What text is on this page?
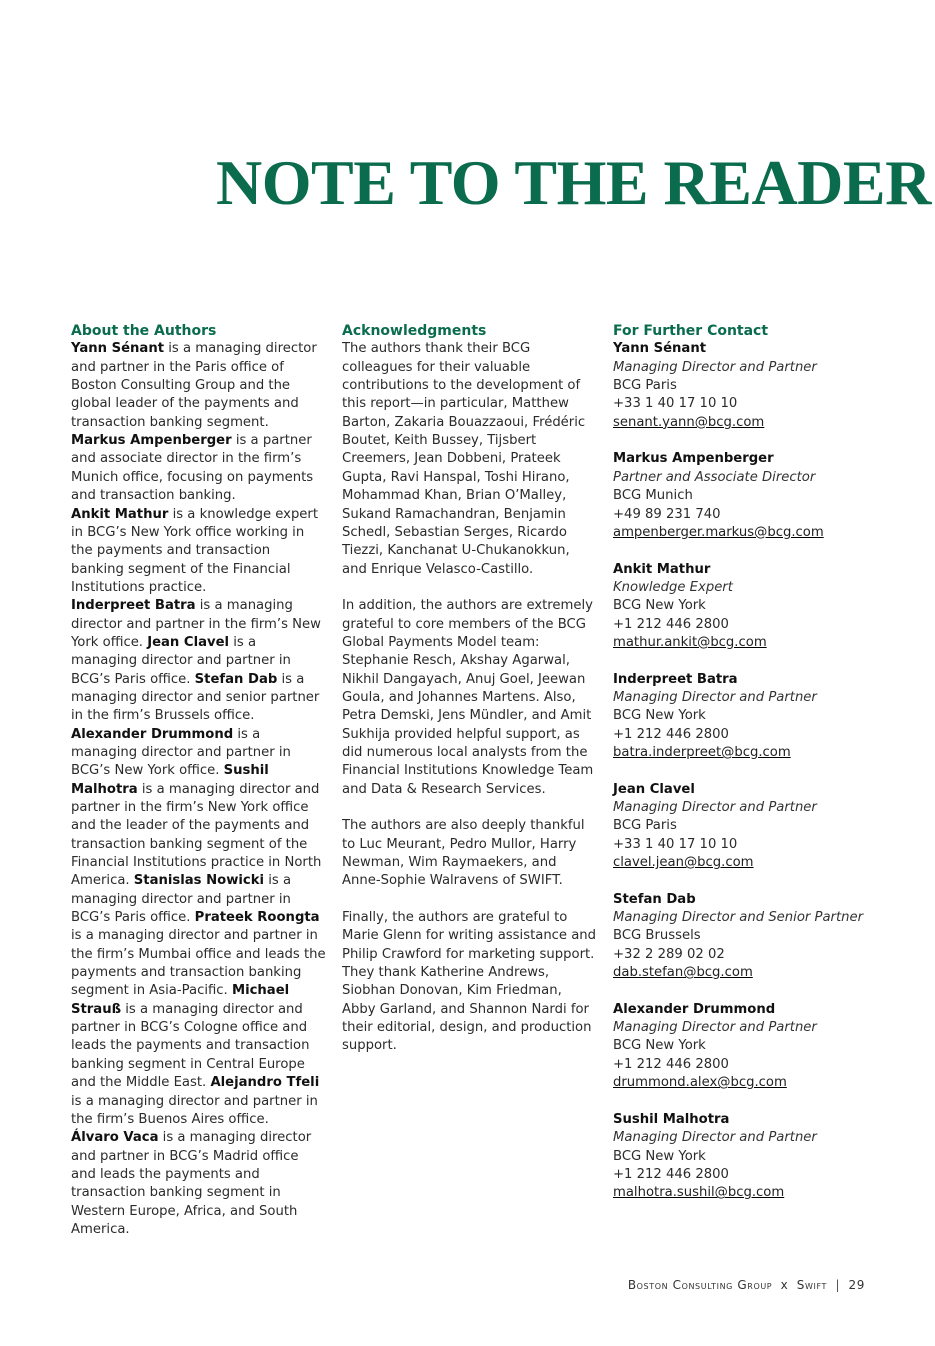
NOTE TO THE READER
About the Authors
Yann Sénant is a managing director and partner in the Paris office of Boston Consulting Group and the global leader of the payments and transaction banking segment.
Markus Ampenberger is a partner and associate director in the firm’s Munich office, focusing on payments and transaction banking.
Ankit Mathur is a knowledge expert in BCG’s New York office working in the payments and transaction banking segment of the Financial Institutions practice.
Inderpreet Batra is a managing director and partner in the firm’s New York office. Jean Clavel is a managing director and partner in BCG’s Paris office. Stefan Dab is a managing director and senior partner in the firm’s Brussels office.
Alexander Drummond is a managing director and partner in BCG’s New York office. Sushil Malhotra is a managing director and partner in the firm’s New York office and the leader of the payments and transaction banking segment of the Financial Institutions practice in North America. Stanislas Nowicki is a managing director and partner in BCG’s Paris office. Prateek Roongta is a managing director and partner in the firm’s Mumbai office and leads the payments and transaction banking segment in Asia-Pacific. Michael Strauß is a managing director and partner in BCG’s Cologne office and leads the payments and transaction banking segment in Central Europe and the Middle East. Alejandro Tfeli is a managing director and partner in the firm’s Buenos Aires office.
Álvaro Vaca is a managing director and partner in BCG’s Madrid office and leads the payments and transaction banking segment in Western Europe, Africa, and South America.
Acknowledgments

The authors thank their BCG colleagues for their valuable contributions to the development of this report—in particular, Matthew Barton, Zakaria Bouazzaoui, Frédéric Boutet, Keith Bussey, Tijsbert Creemers, Jean Dobbeni, Prateek Gupta, Ravi Hanspal, Toshi Hirano, Mohammad Khan, Brian O’Malley, Sukand Ramachandran, Benjamin Schedl, Sebastian Serges, Ricardo Tiezzi, Kanchanat U-Chukanokkun, and Enrique Velasco-Castillo.

In addition, the authors are extremely grateful to core members of the BCG Global Payments Model team: Stephanie Resch, Akshay Agarwal, Nikhil Dangayach, Anuj Goel, Jeewan Goula, and Johannes Martens. Also, Petra Demski, Jens Mündler, and Amit Sukhija provided helpful support, as did numerous local analysts from the Financial Institutions Knowledge Team and Data & Research Services.

The authors are also deeply thankful to Luc Meurant, Pedro Mullor, Harry Newman, Wim Raymaekers, and Anne-Sophie Walravens of SWIFT.

Finally, the authors are grateful to Marie Glenn for writing assistance and Philip Crawford for marketing support. They thank Katherine Andrews, Siobhan Donovan, Kim Friedman, Abby Garland, and Shannon Nardi for their editorial, design, and production support.

For Further Contact
Yann Sénant
Managing Director and Partner
BCG Paris
+33 1 40 17 10 10
senant.yann@bcg.com
Markus Ampenberger
Partner and Associate Director
BCG Munich
+49 89 231 740
ampenberger.markus@bcg.com
Ankit Mathur
Knowledge Expert
BCG New York
+1 212 446 2800
mathur.ankit@bcg.com
Inderpreet Batra
Managing Director and Partner
BCG New York
+1 212 446 2800
batra.inderpreet@bcg.com
Jean Clavel
Managing Director and Partner
BCG Paris
+33 1 40 17 10 10
clavel.jean@bcg.com
Stefan Dab
Managing Director and Senior Partner
BCG Brussels
+32 2 289 02 02
dab.stefan@bcg.com
Alexander Drummond
Managing Director and Partner
BCG New York
+1 212 446 2800
drummond.alex@bcg.com
Sushil Malhotra
Managing Director and Partner
BCG New York
+1 212 446 2800
malhotra.sushil@bcg.com
Boston Consulting Group x Swift | 29
